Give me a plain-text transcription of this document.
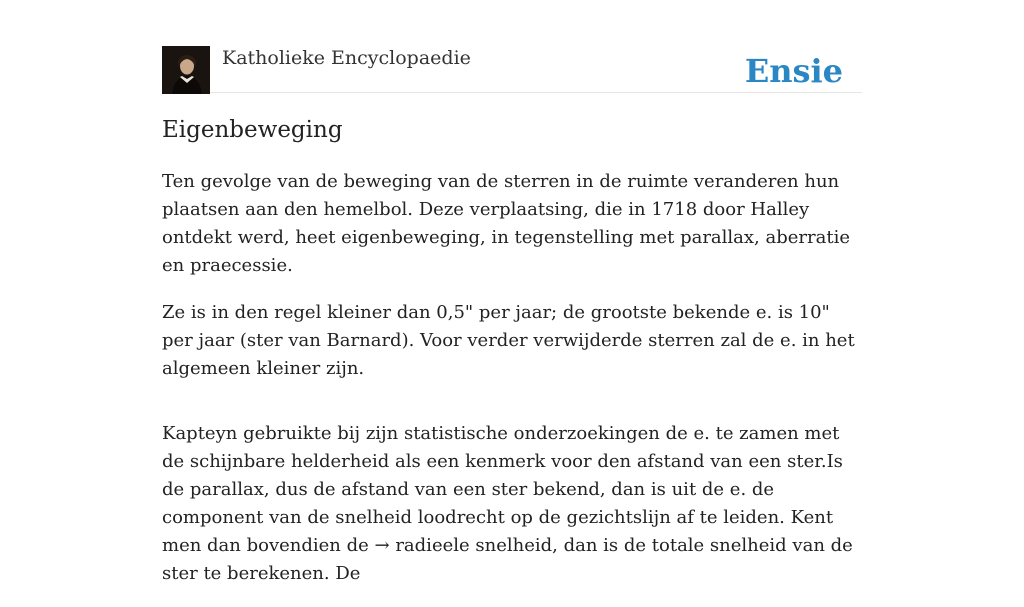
Katholieke Encyclopaedie	Ensie
Eigenbeweging

Ten gevolge van de beweging van de sterren in de ruimte veranderen hun plaatsen aan den hemelbol. Deze verplaatsing, die in 1718 door Halley ontdekt werd, heet eigenbeweging, in tegenstelling met parallax, aberratie en praecessie.

Ze is in den regel kleiner dan 0,5" per jaar; de grootste bekende e. is 10" per jaar (ster van Barnard). Voor verder verwijderde sterren zal de e. in het algemeen kleiner zijn.

Kapteyn gebruikte bij zijn statistische onderzoekingen de e. te zamen met de schijnbare helderheid als een kenmerk voor den afstand van een ster.Is de parallax, dus de afstand van een ster bekend, dan is uit de e. de component van de snelheid loodrecht op de gezichtslijn af te leiden. Kent men dan bovendien de → radieele snelheid, dan is de totale snelheid van de ster te berekenen. De
